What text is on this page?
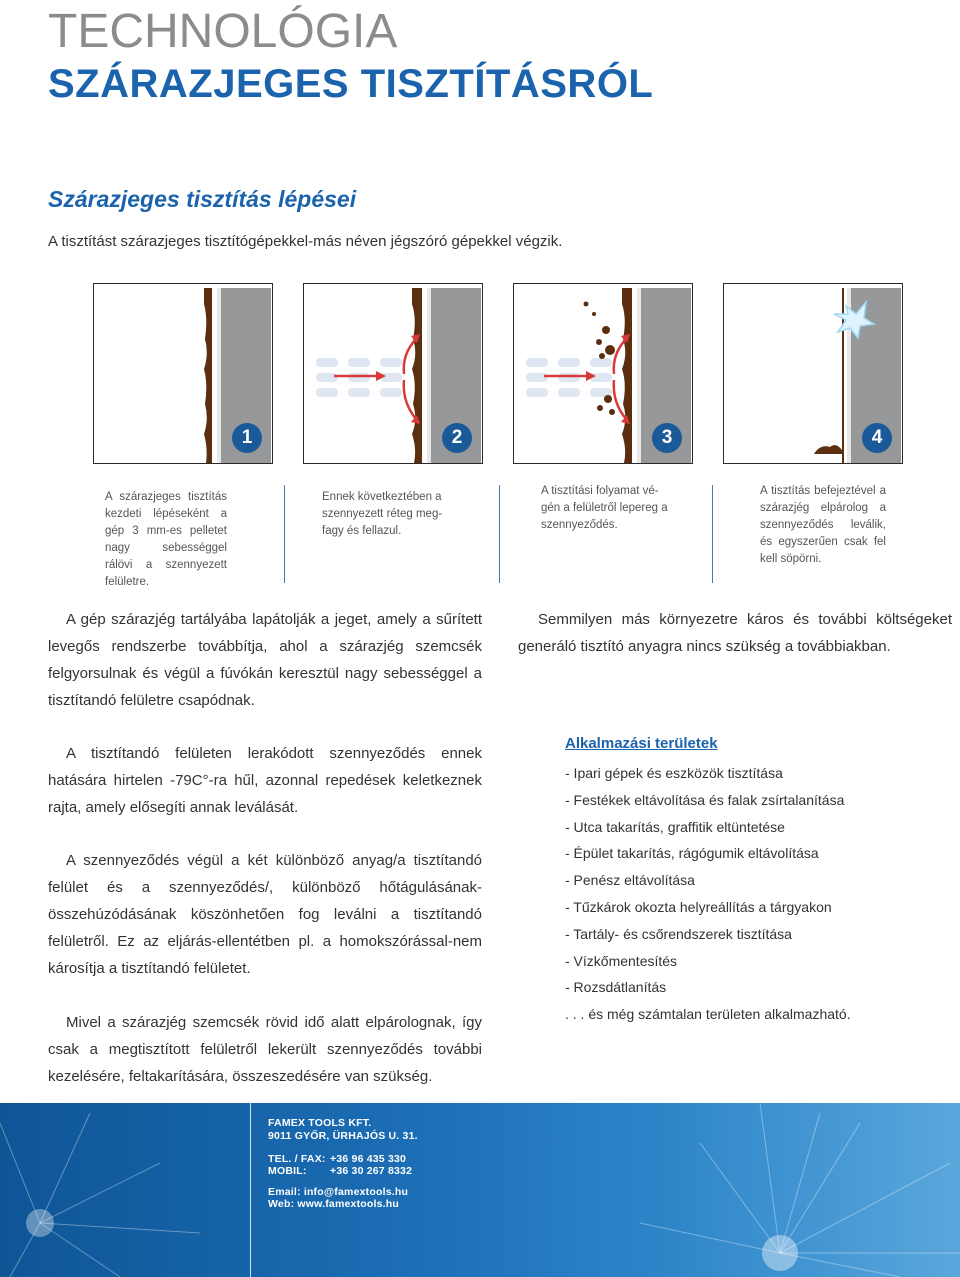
TECHNOLÓGIA
SZÁRAZJEGES TISZTÍTÁSRÓL
Szárazjeges tisztítás lépései
A tisztítást szárazjeges tisztítógépekkel-más néven jégszóró gépekkel végzik.
1	2	3	4
A szárazjeges tisztítás kezdeti lépéseként a gép 3 mm-es pelletet nagy sebességgel rálövi a szennyezett felületre.
Ennek következtében a szennyezett réteg meg-fagy és fellazul.
A tisztítási folyamat vé-gén a felületről lepereg a szennyeződés.
A tisztítás befejeztével a szárazjég elpárolog a szennyeződés leválik, és egyszerűen csak fel kell söpörni.
A gép szárazjég tartályába lapátolják a jeget, amely a sűrített levegős rendszerbe továbbítja, ahol a szárazjég szemcsék felgyorsulnak és végül a fúvókán keresztül nagy sebességgel a tisztítandó felületre csapódnak.
Semmilyen más környezetre káros és további költségeket generáló tisztító anyagra nincs szükség a továbbiakban.
A tisztítandó felületen lerakódott szennyeződés ennek hatására hirtelen -79C°-ra hűl, azonnal repedések keletkeznek rajta, amely elősegíti annak leválását.
A szennyeződés végül a két különböző anyag/a tisztítandó felület és a szennyeződés/, különböző hőtágulásának-összehúzódásának köszönhetően fog leválni a tisztítandó felületről. Ez az eljárás-ellentétben pl. a homokszórással-nem károsítja a tisztítandó felületet.
Mivel a szárazjég szemcsék rövid idő alatt elpárolognak, így csak a megtisztított felületről lekerült szennyeződés további kezelésére, feltakarítására, összeszedésére van szükség.
Alkalmazási területek
- Ipari gépek és eszközök tisztítása
- Festékek eltávolítása és falak zsírtalanítása
- Utca takarítás, graffitik eltüntetése
- Épület takarítás, rágógumik eltávolítása
- Penész eltávolítása
- Tűzkárok okozta helyreállítás a tárgyakon
- Tartály- és csőrendszerek tisztítása
- Vízkőmentesítés
- Rozsdátlanítás
. . . és még számtalan területen alkalmazható.
FAMEX TOOLS KFT.
9011 GYŐR, ÜRHAJÓS U. 31.
TEL. / FAX: +36 96 435 330
MOBIL: +36 30 267 8332
Email: info@famextools.hu
Web: www.famextools.hu
